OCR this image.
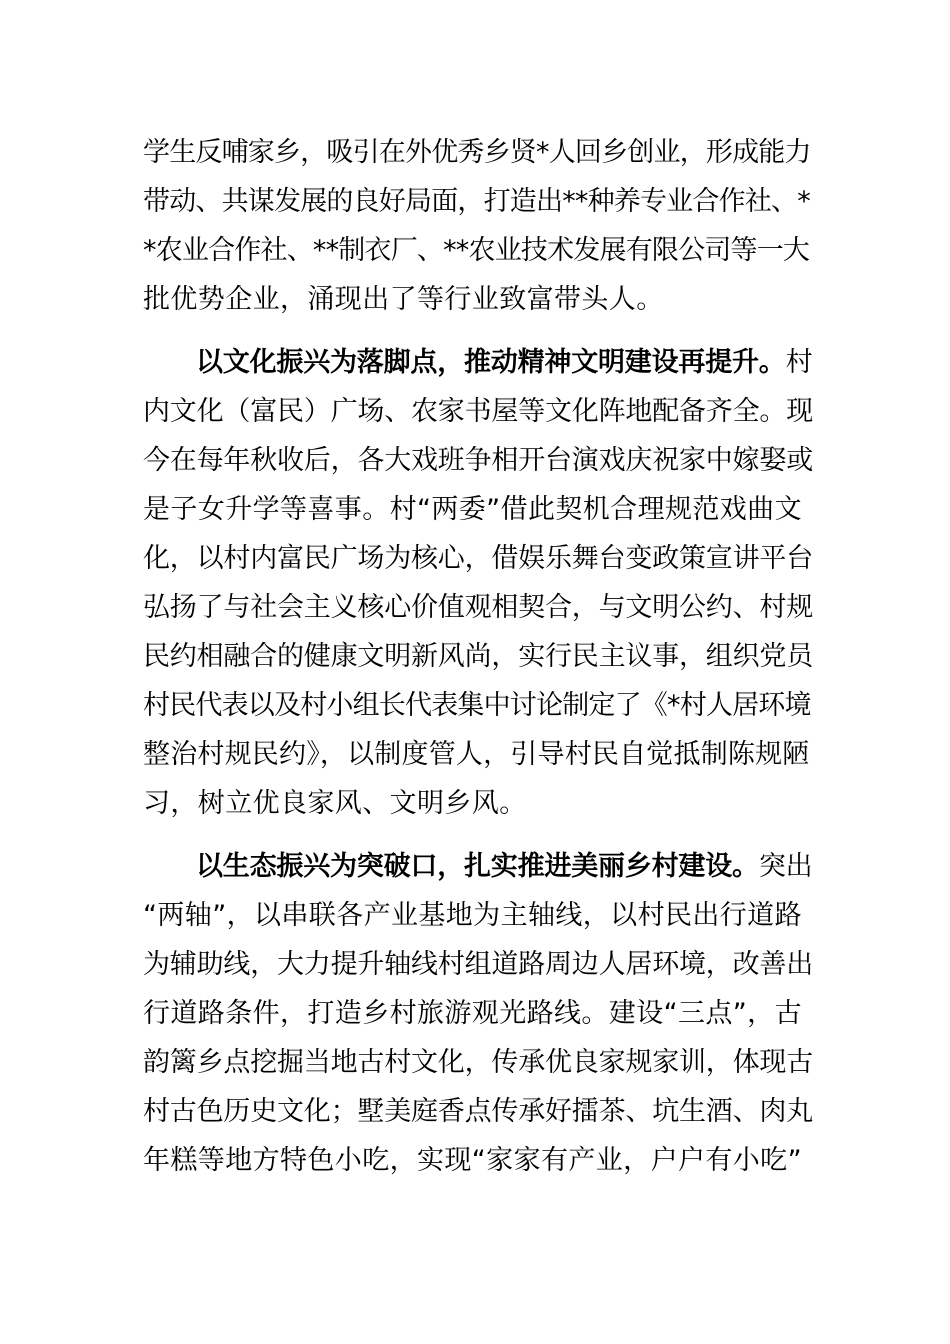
学生反哺家乡，吸引在外优秀乡贤*人回乡创业，形成能力
带动、共谋发展的良好局面，打造出**种养专业合作社、*
*农业合作社、**制衣厂、**农业技术发展有限公司等一大
批优势企业，涌现出了等行业致富带头人。
以文化振兴为落脚点，推动精神文明建设再提升。村
内文化（富民）广场、农家书屋等文化阵地配备齐全。现
今在每年秋收后，各大戏班争相开台演戏庆祝家中嫁娶或
是子女升学等喜事。村“两委”借此契机合理规范戏曲文
化，以村内富民广场为核心，借娱乐舞台变政策宣讲平台
弘扬了与社会主义核心价值观相契合，与文明公约、村规
民约相融合的健康文明新风尚，实行民主议事，组织党员
村民代表以及村小组长代表集中讨论制定了《*村人居环境
整治村规民约》，以制度管人，引导村民自觉抵制陈规陋
习，树立优良家风、文明乡风。
以生态振兴为突破口，扎实推进美丽乡村建设。突出
“两轴”，以串联各产业基地为主轴线，以村民出行道路
为辅助线，大力提升轴线村组道路周边人居环境，改善出
行道路条件，打造乡村旅游观光路线。建设“三点”，古
韵篱乡点挖掘当地古村文化，传承优良家规家训，体现古
村古色历史文化；墅美庭香点传承好擂茶、坑生酒、肉丸
年糕等地方特色小吃，实现“家家有产业，户户有小吃”
